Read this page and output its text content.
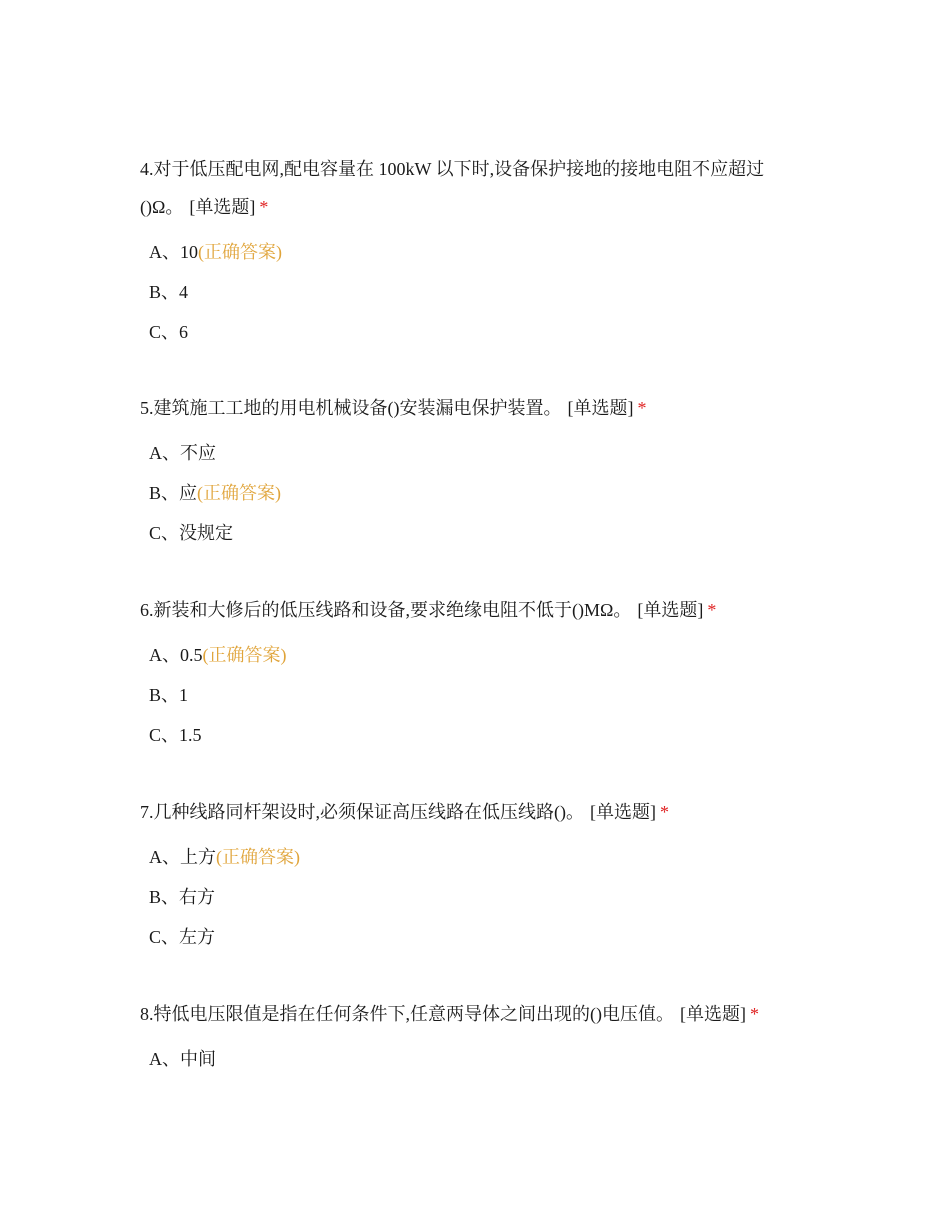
4.对于低压配电网,配电容量在 100kW 以下时,设备保护接地的接地电阻不应超过()Ω。 [单选题] *

A、10(正确答案)
B、4
C、6

5.建筑施工工地的用电机械设备()安装漏电保护装置。 [单选题] *

A、不应
B、应(正确答案)
C、没规定

6.新装和大修后的低压线路和设备,要求绝缘电阻不低于()MΩ。 [单选题] *

A、0.5(正确答案)
B、1
C、1.5

7.几种线路同杆架设时,必须保证高压线路在低压线路()。 [单选题] *

A、上方(正确答案)
B、右方
C、左方

8.特低电压限值是指在任何条件下,任意两导体之间出现的()电压值。 [单选题] *

A、中间
